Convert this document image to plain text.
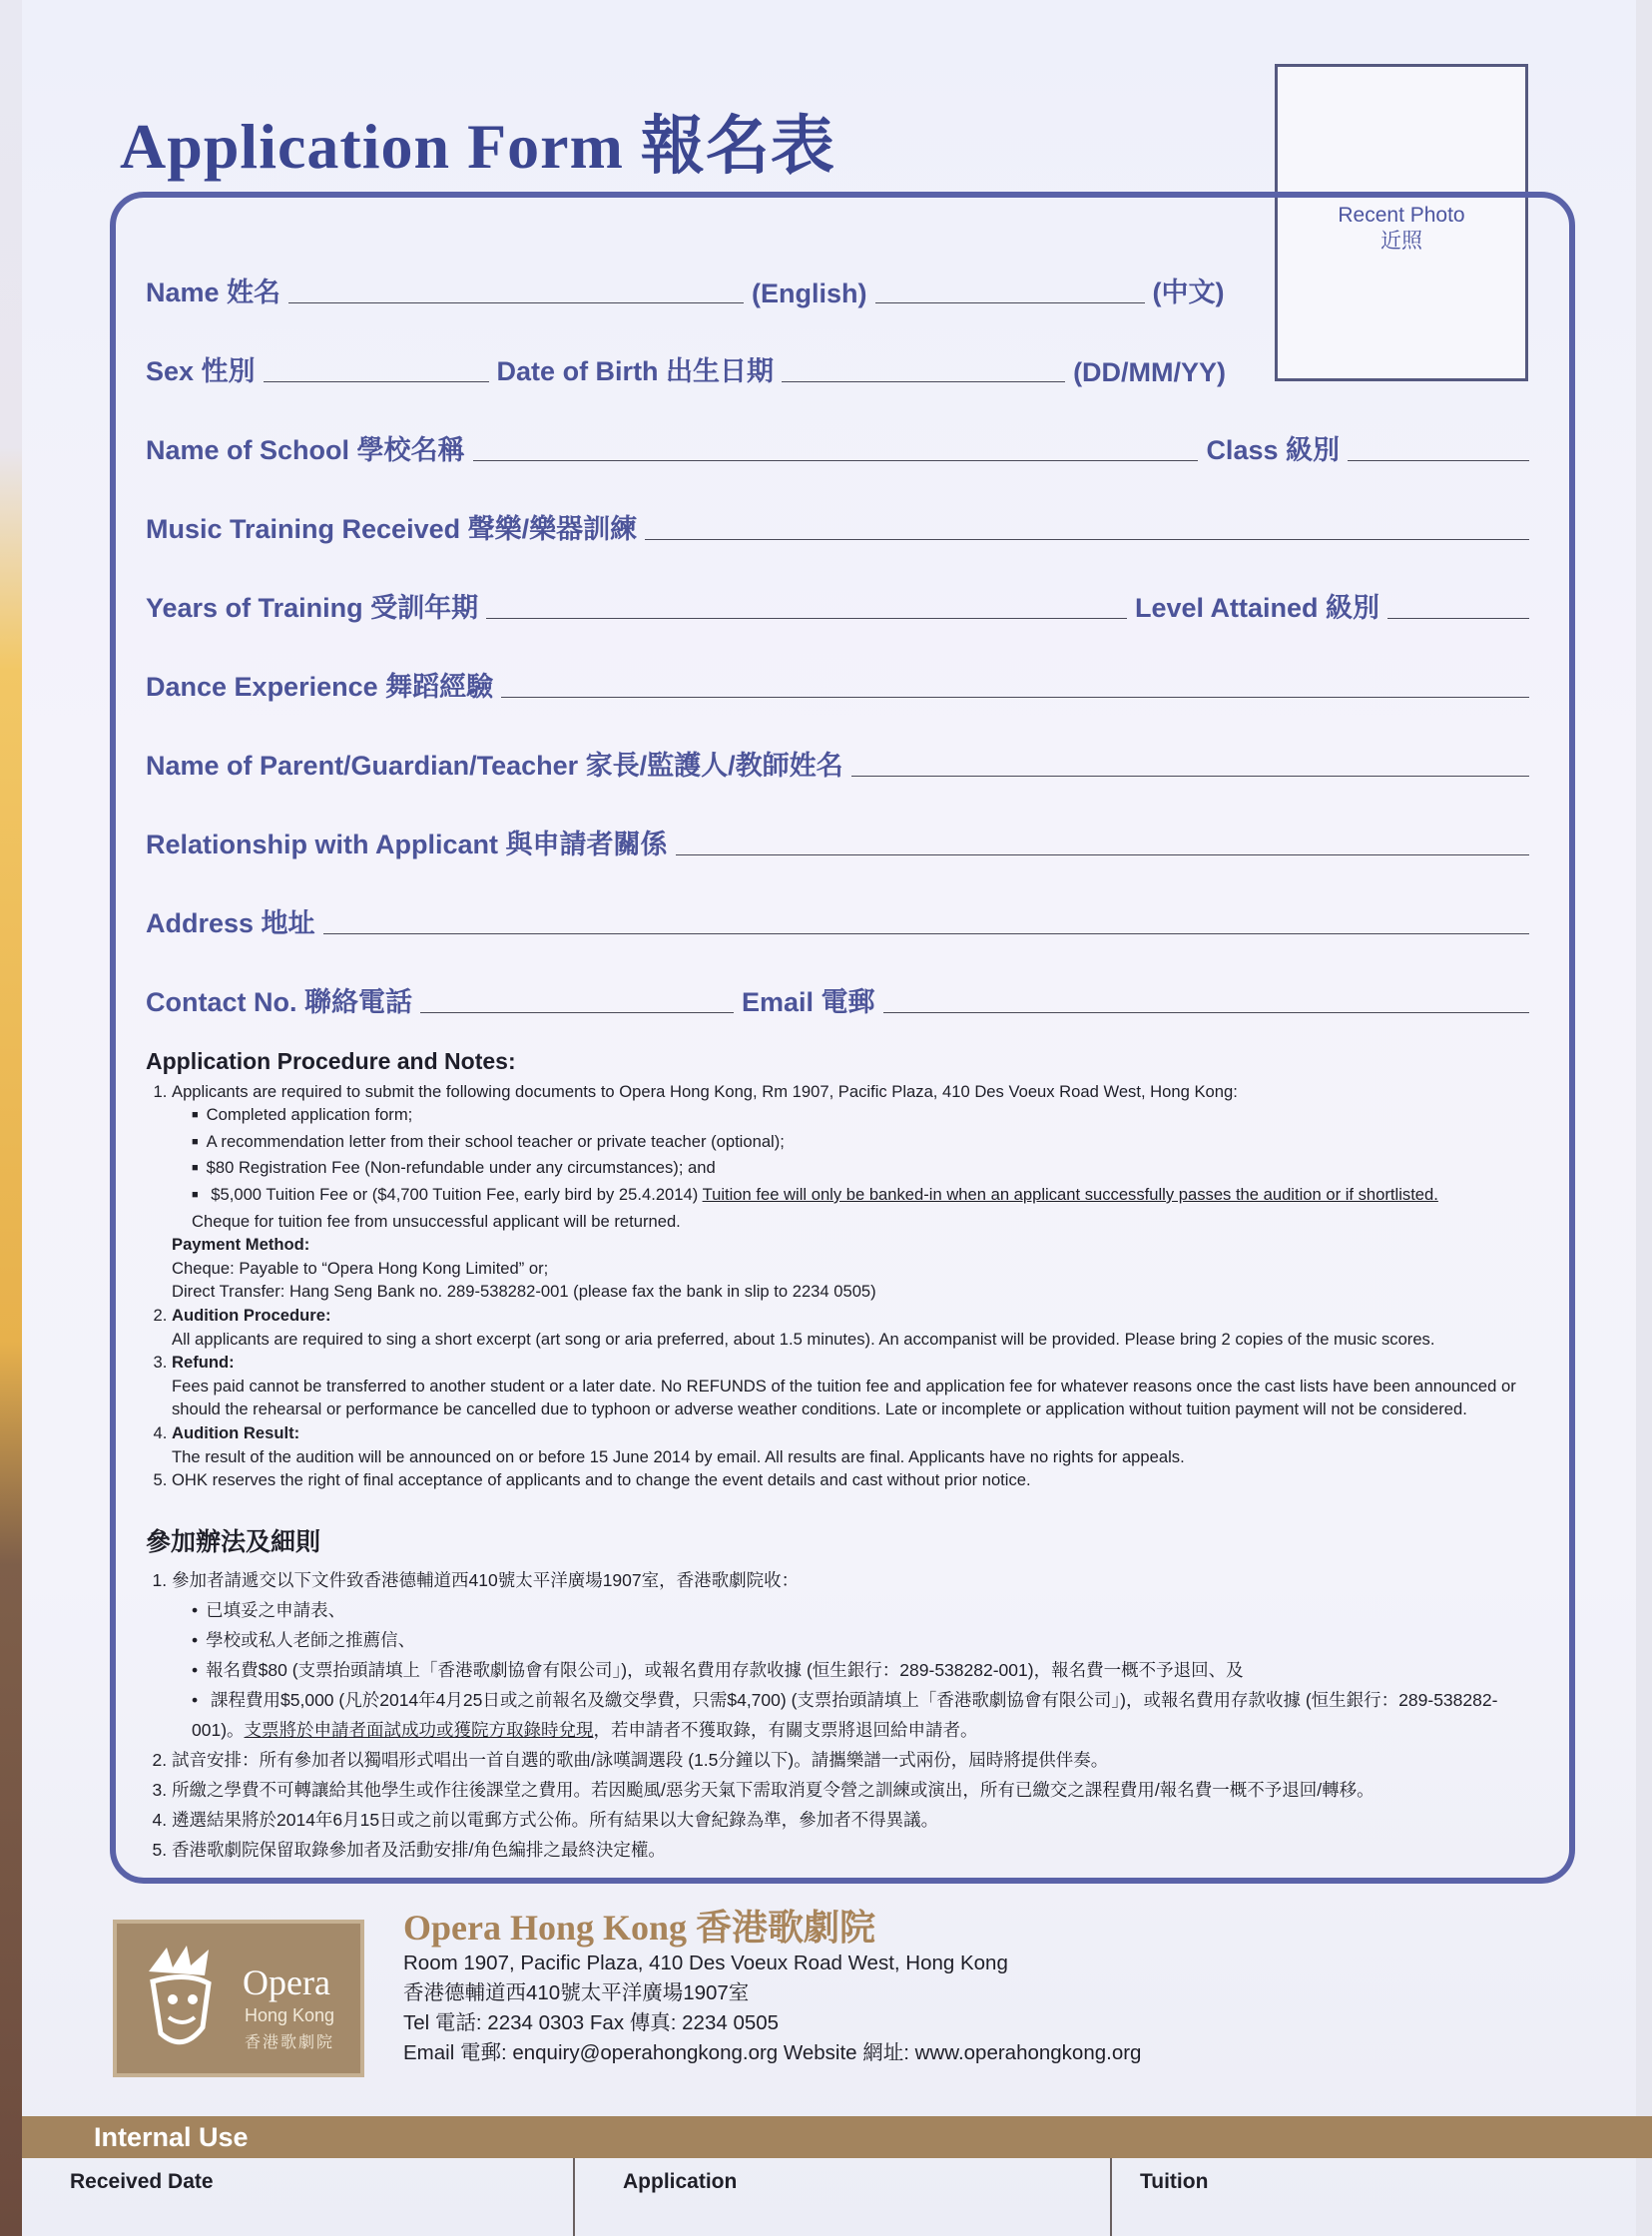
Application Form 報名表
Recent Photo
近照
Name 姓名	(English)	(中文)
Sex 性別	Date of Birth 出生日期	(DD/MM/YY)
Name of School 學校名稱	Class 級別
Music Training Received 聲樂/樂器訓練
Years of Training 受訓年期	Level Attained 級別
Dance Experience 舞蹈經驗
Name of Parent/Guardian/Teacher 家長/監護人/教師姓名
Relationship with Applicant 與申請者關係
Address 地址
Contact No. 聯絡電話	Email 電郵
Application Procedure and Notes:
1. Applicants are required to submit the following documents to Opera Hong Kong, Rm 1907, Pacific Plaza, 410 Des Voeux Road West, Hong Kong:
■ Completed application form;
■ A recommendation letter from their school teacher or private teacher (optional);
■ $80 Registration Fee (Non-refundable under any circumstances); and
■ $5,000 Tuition Fee or ($4,700 Tuition Fee, early bird by 25.4.2014) Tuition fee will only be banked-in when an applicant successfully passes the audition or if shortlisted.
Cheque for tuition fee from unsuccessful applicant will be returned.
Payment Method:
Cheque: Payable to “Opera Hong Kong Limited” or;
Direct Transfer: Hang Seng Bank no. 289-538282-001 (please fax the bank in slip to 2234 0505)
2. Audition Procedure:
All applicants are required to sing a short excerpt (art song or aria preferred, about 1.5 minutes). An accompanist will be provided. Please bring 2 copies of the music scores.
3. Refund:
Fees paid cannot be transferred to another student or a later date. No REFUNDS of the tuition fee and application fee for whatever reasons once the cast lists have been announced or should the rehearsal or performance be cancelled due to typhoon or adverse weather conditions. Late or incomplete or application without tuition payment will not be considered.
4. Audition Result:
The result of the audition will be announced on or before 15 June 2014 by email. All results are final. Applicants have no rights for appeals.
5. OHK reserves the right of final acceptance of applicants and to change the event details and cast without prior notice.
參加辦法及細則
1. 參加者請遞交以下文件致香港德輔道西410號太平洋廣場1907室，香港歌劇院收：
• 已填妥之申請表、
• 學校或私人老師之推薦信、
• 報名費$80 (支票抬頭請填上「香港歌劇協會有限公司」)，或報名費用存款收據 (恒生銀行：289-538282-001)，報名費一概不予退回、及
• 課程費用$5,000 (凡於2014年4月25日或之前報名及繳交學費，只需$4,700) (支票抬頭請填上「香港歌劇協會有限公司」)，或報名費用存款收據 (恒生銀行：289-538282-001)。支票將於申請者面試成功或獲院方取錄時兌現，若申請者不獲取錄，有關支票將退回給申請者。
2. 試音安排：所有參加者以獨唱形式唱出一首自選的歌曲/詠嘆調選段 (1.5分鐘以下)。請攜樂譜一式兩份，屆時將提供伴奏。
3. 所繳之學費不可轉讓給其他學生或作往後課堂之費用。若因颱風/惡劣天氣下需取消夏令營之訓練或演出，所有已繳交之課程費用/報名費一概不予退回/轉移。
4. 遴選結果將於2014年6月15日或之前以電郵方式公佈。所有結果以大會紀錄為準，參加者不得異議。
5. 香港歌劇院保留取錄參加者及活動安排/角色編排之最終決定權。
Opera
Hong Kong
香港歌劇院
Opera Hong Kong 香港歌劇院
Room 1907, Pacific Plaza, 410 Des Voeux Road West, Hong Kong
香港德輔道西410號太平洋廣場1907室
Tel 電話: 2234 0303 Fax 傳真: 2234 0505
Email 電郵: enquiry@operahongkong.org Website 網址: www.operahongkong.org
Internal Use
Received Date	Application	Tuition
